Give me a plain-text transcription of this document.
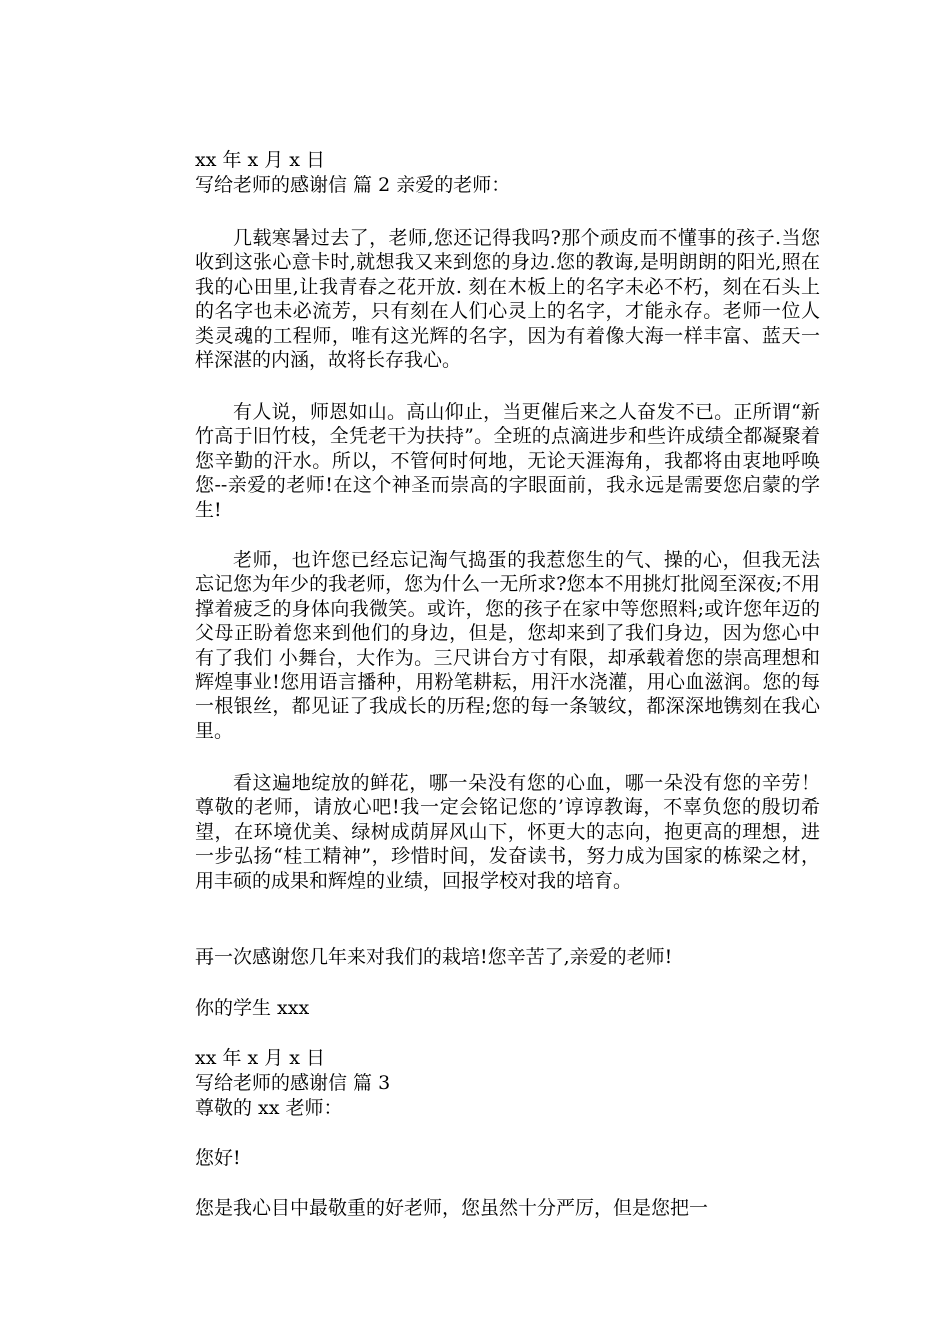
xx 年 x 月 x 日

写给老师的感谢信 篇 2 亲爱的老师：

几载寒暑过去了，老师,您还记得我吗?那个顽皮而不懂事的孩子.当您收到这张心意卡时,就想我又来到您的身边.您的教诲,是明朗朗的阳光,照在我的心田里,让我青春之花开放. 刻在木板上的名字未必不朽，刻在石头上的名字也未必流芳，只有刻在人们心灵上的名字，才能永存。老师一位人类灵魂的工程师，唯有这光辉的名字，因为有着像大海一样丰富、蓝天一样深湛的内涵，故将长存我心。
有人说，师恩如山。高山仰止，当更催后来之人奋发不已。正所谓“新竹高于旧竹枝，全凭老干为扶持”。全班的点滴进步和些许成绩全都凝聚着您辛勤的汗水。所以，不管何时何地，无论天涯海角，我都将由衷地呼唤您--亲爱的老师!在这个神圣而崇高的字眼面前，我永远是需要您启蒙的学生!
老师，也许您已经忘记淘气捣蛋的我惹您生的气、操的心，但我无法忘记您为年少的我老师，您为什么一无所求?您本不用挑灯批阅至深夜;不用撑着疲乏的身体向我微笑。或许，您的孩子在家中等您照料;或许您年迈的父母正盼着您来到他们的身边，但是，您却来到了我们身边，因为您心中有了我们 小舞台，大作为。三尺讲台方寸有限，却承载着您的崇高理想和辉煌事业!您用语言播种，用粉笔耕耘，用汗水浇灌，用心血滋润。您的每一根银丝，都见证了我成长的历程;您的每一条皱纹，都深深地镌刻在我心里。
看这遍地绽放的鲜花，哪一朵没有您的心血，哪一朵没有您的辛劳！ 尊敬的老师，请放心吧!我一定会铭记您的’谆谆教诲，不辜负您的殷切希望，在环境优美、绿树成荫屏风山下，怀更大的志向，抱更高的理想，进一步弘扬“桂工精神”，珍惜时间，发奋读书，努力成为国家的栋梁之材，用丰硕的成果和辉煌的业绩，回报学校对我的培育。

再一次感谢您几年来对我们的栽培!您辛苦了,亲爱的老师!

你的学生 xxx

xx 年 x 月 x 日

写给老师的感谢信 篇 3

尊敬的 xx 老师：

您好!

您是我心目中最敬重的好老师，您虽然十分严厉，但是您把一
